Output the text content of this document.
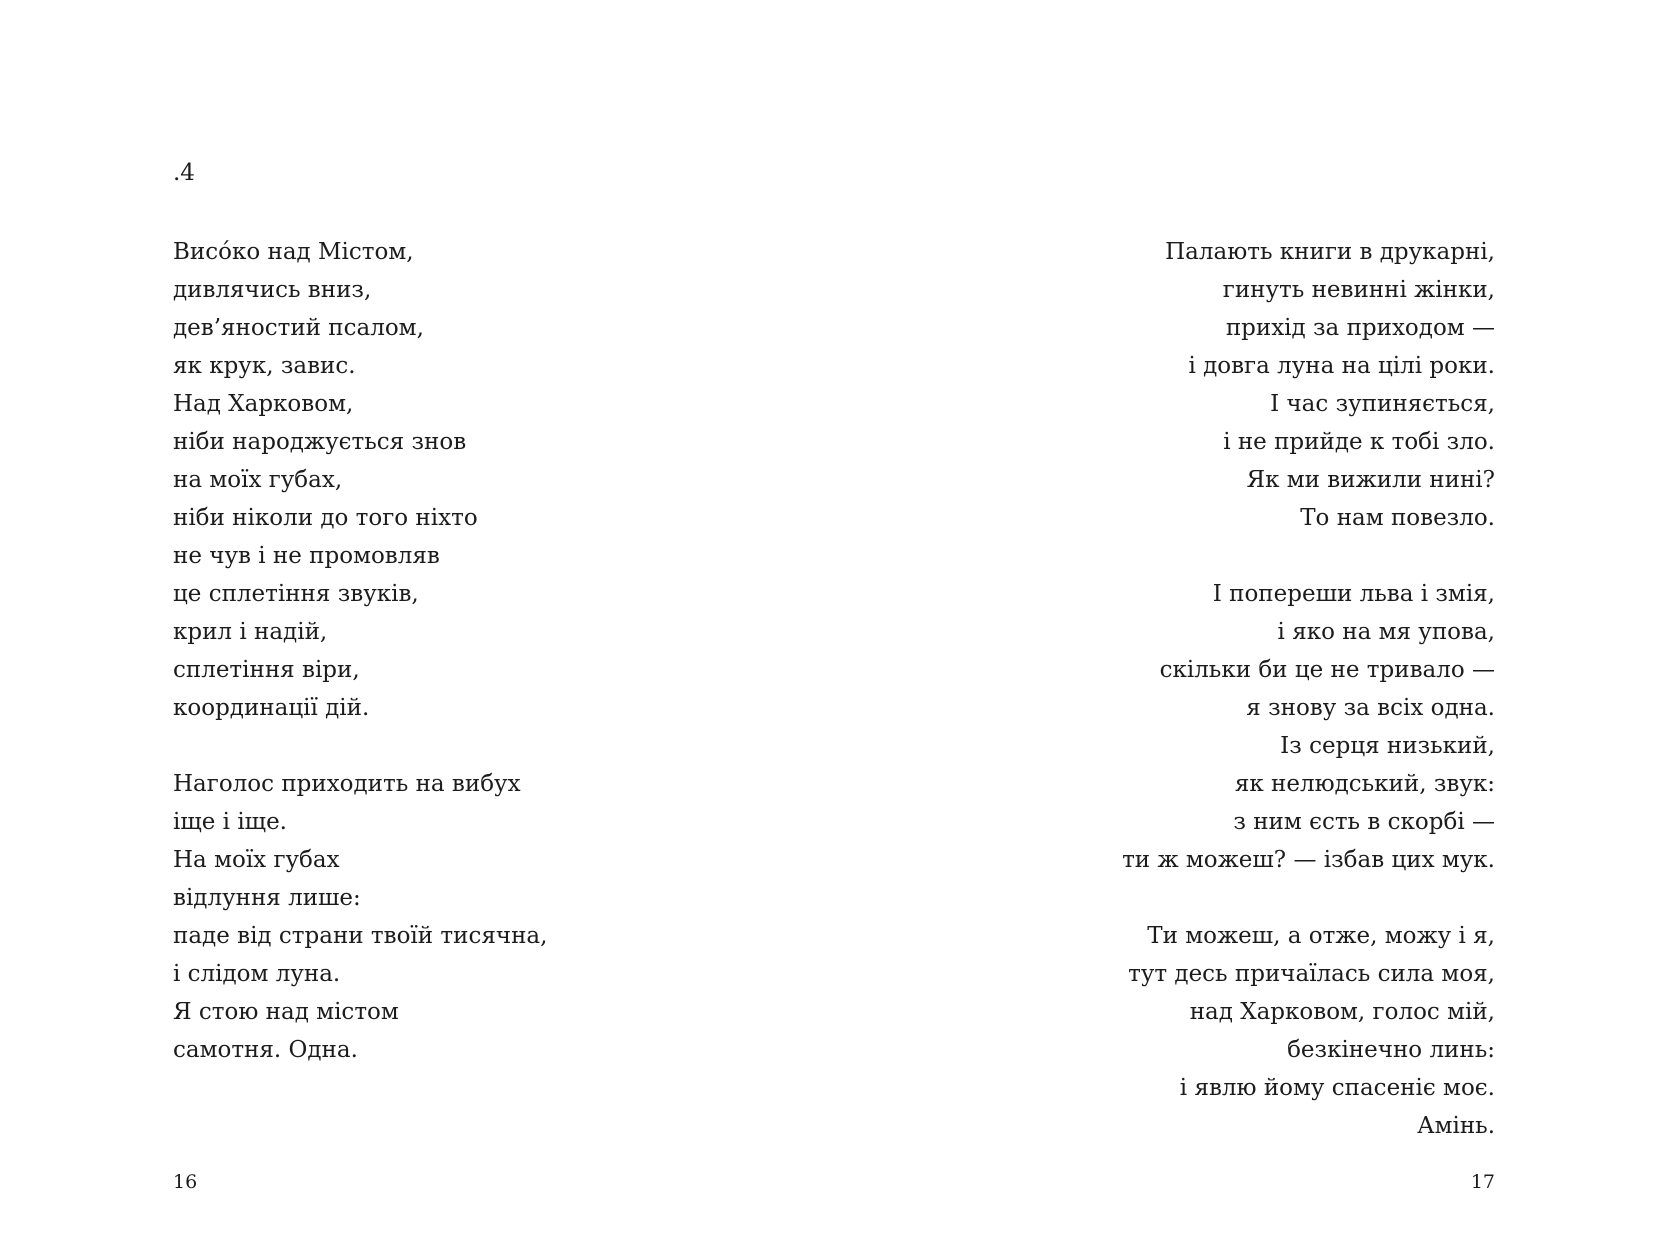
.4
Висо́ко над Містом,
дивлячись вниз,
дев’яностий псалом,
як крук, завис.
Над Харковом,
ніби народжується знов
на моїх губах,
ніби ніколи до того ніхто
не чув і не промовляв
це сплетіння звуків,
крил і надій,
сплетіння віри,
координації дій.
Наголос приходить на вибух
іще і іще.
На моїх губах
відлуння лише:
паде від страни твоїй тисячна,
і слідом луна.
Я стою над містом
самотня. Одна.
Палають книги в друкарні,
гинуть невинні жінки,
прихід за приходом —
і довга луна на цілі роки.
І час зупиняється,
і не прийде к тобі зло.
Як ми вижили нині?
То нам повезло.
І попереши льва і змія,
і яко на мя упова,
скільки би це не тривало —
я знову за всіх одна.
Із серця низький,
як нелюдський, звук:
з ним єсть в скорбі —
ти ж можеш? — ізбав цих мук.
Ти можеш, а отже, можу і я,
тут десь причаїлась сила моя,
над Харковом, голос мій,
безкінечно линь:
і явлю йому спасеніє моє.
Амінь.
16	17
